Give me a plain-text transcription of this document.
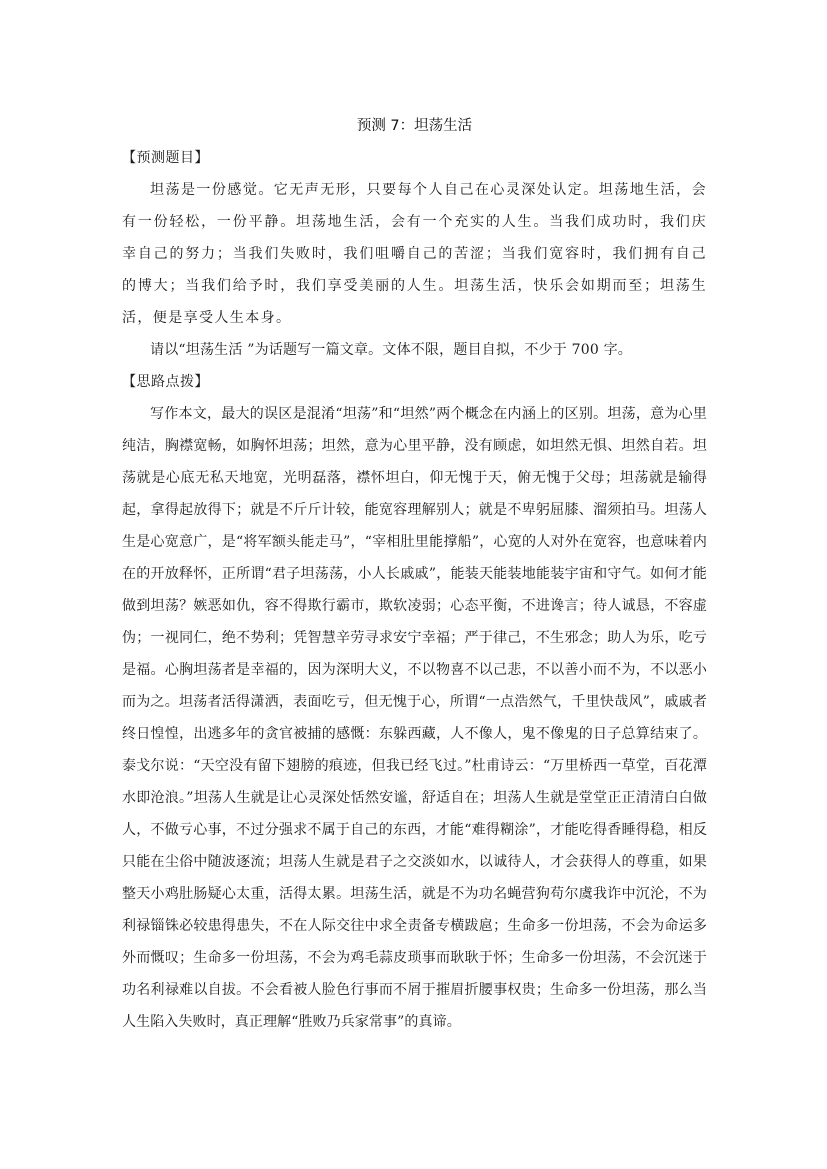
预测 7：坦荡生活

【预测题目】

坦荡是一份感觉。它无声无形，只要每个人自己在心灵深处认定。坦荡地生活，会有一份轻松，一份平静。坦荡地生活，会有一个充实的人生。当我们成功时，我们庆幸自己的努力；当我们失败时，我们咀嚼自己的苦涩；当我们宽容时，我们拥有自己的博大；当我们给予时，我们享受美丽的人生。坦荡生活，快乐会如期而至；坦荡生活，便是享受人生本身。

请以“坦荡生活 ”为话题写一篇文章。文体不限，题目自拟，不少于 700 字。

【思路点拨】

写作本文，最大的误区是混淆“坦荡”和“坦然”两个概念在内涵上的区别。坦荡，意为心里纯洁，胸襟宽畅，如胸怀坦荡；坦然，意为心里平静，没有顾虑，如坦然无惧、坦然自若。坦荡就是心底无私天地宽，光明磊落，襟怀坦白，仰无愧于天，俯无愧于父母；坦荡就是输得起，拿得起放得下；就是不斤斤计较，能宽容理解别人；就是不卑躬屈膝、溜须拍马。坦荡人生是心宽意广，是“将军额头能走马”，“宰相肚里能撑船”，心宽的人对外在宽容，也意味着内在的开放释怀，正所谓“君子坦荡荡，小人长戚戚”，能装天能装地能装宇宙和守气。如何才能做到坦荡？嫉恶如仇，容不得欺行霸市，欺软凌弱；心态平衡，不进谗言；待人诚恳，不容虚伪；一视同仁，绝不势利；凭智慧辛劳寻求安宁幸福；严于律己，不生邪念；助人为乐，吃亏是福。心胸坦荡者是幸福的，因为深明大义，不以物喜不以己悲，不以善小而不为，不以恶小而为之。坦荡者活得潇洒，表面吃亏，但无愧于心，所谓“一点浩然气，千里快哉风”，戚戚者终日惶惶，出逃多年的贪官被捕的感慨：东躲西藏，人不像人，鬼不像鬼的日子总算结束了。泰戈尔说：“天空没有留下翅膀的痕迹，但我已经飞过。”杜甫诗云：“万里桥西一草堂，百花潭水即沧浪。”坦荡人生就是让心灵深处恬然安谧，舒适自在；坦荡人生就是堂堂正正清清白白做人，不做亏心事，不过分强求不属于自己的东西，才能“难得糊涂”，才能吃得香睡得稳，相反只能在尘俗中随波逐流；坦荡人生就是君子之交淡如水，以诚待人，才会获得人的尊重，如果整天小鸡肚肠疑心太重，活得太累。坦荡生活，就是不为功名蝇营狗苟尔虞我诈中沉沦，不为利禄锱铢必较患得患失，不在人际交往中求全责备专横跋扈；生命多一份坦荡，不会为命运多外而慨叹；生命多一份坦荡，不会为鸡毛蒜皮琐事而耿耿于怀；生命多一份坦荡，不会沉迷于功名利禄难以自拔。不会看被人脸色行事而不屑于摧眉折腰事权贵；生命多一份坦荡，那么当人生陷入失败时，真正理解“胜败乃兵家常事”的真谛。
